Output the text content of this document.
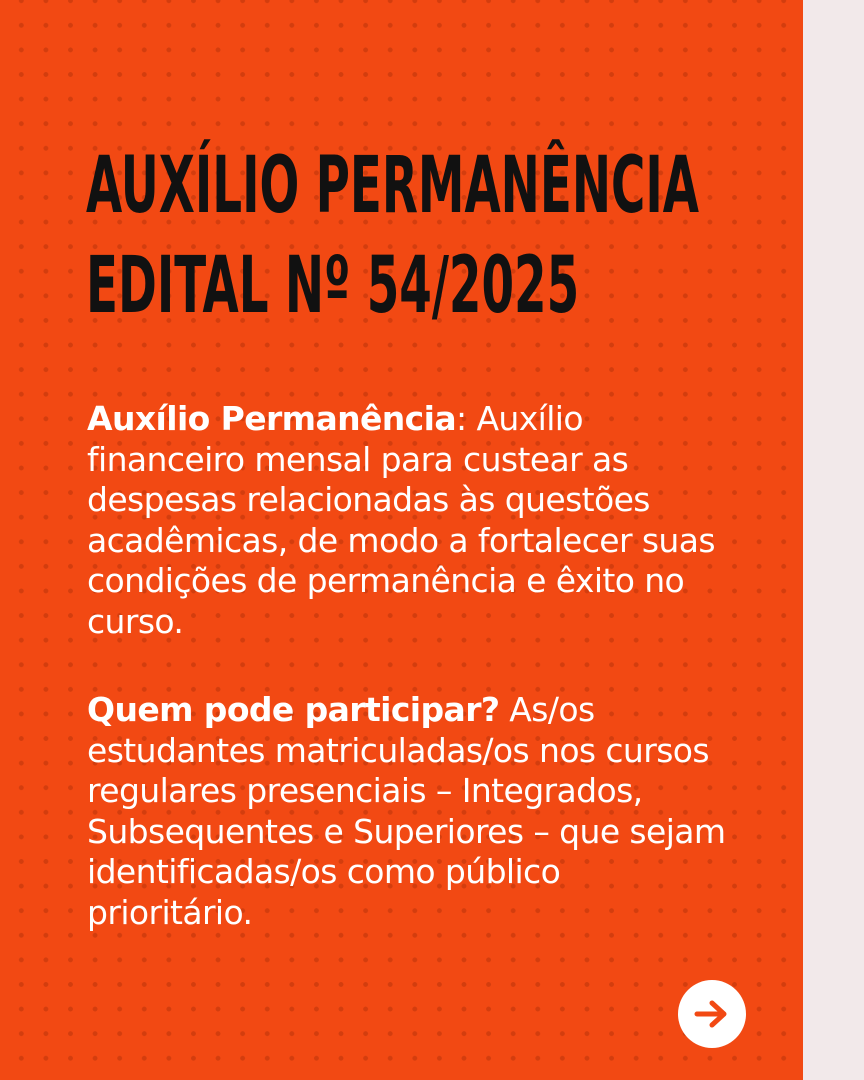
AUXÍLIO PERMANÊNCIA
EDITAL Nº 54/2025

Auxílio Permanência: Auxílio financeiro mensal para custear as despesas relacionadas às questões acadêmicas, de modo a fortalecer suas condições de permanência e êxito no curso.

Quem pode participar? As/os estudantes matriculadas/os nos cursos regulares presenciais – Integrados, Subsequentes e Superiores – que sejam identificadas/os como público prioritário.
